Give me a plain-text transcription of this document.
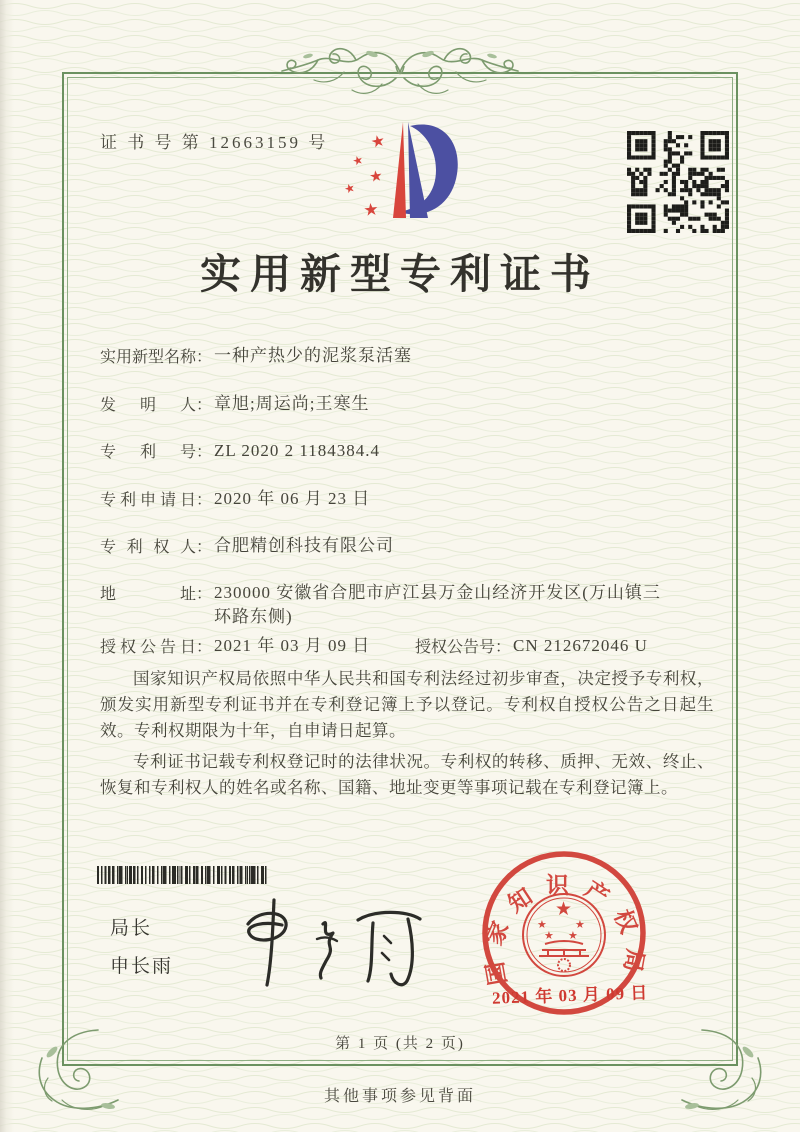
证 书 号 第 12663159 号	★
★
★
★
★
实用新型专利证书
实用新型名称： 一种产热少的泥浆泵活塞
发明人： 章旭;周运尚;王寒生
专利号： ZL 2020 2 1184384.4
专利申请日： 2020 年 06 月 23 日
专利权人： 合肥精创科技有限公司
地址： 230000 安徽省合肥市庐江县万金山经济开发区(万山镇三环路东侧)
授权公告日： 2021 年 03 月 09 日	授权公告号： CN 212672046 U

国家知识产权局依照中华人民共和国专利法经过初步审查，决定授予专利权，颁发实用新型专利证书并在专利登记簿上予以登记。专利权自授权公告之日起生效。专利权期限为十年，自申请日起算。

专利证书记载专利权登记时的法律状况。专利权的转移、质押、无效、终止、恢复和专利权人的姓名或名称、国籍、地址变更等事项记载在专利登记簿上。

局长
申长雨	国家知识产权局
★
★	★
★ ★
2021 年 03 月 09 日
第 1 页 (共 2 页)
其他事项参见背面
